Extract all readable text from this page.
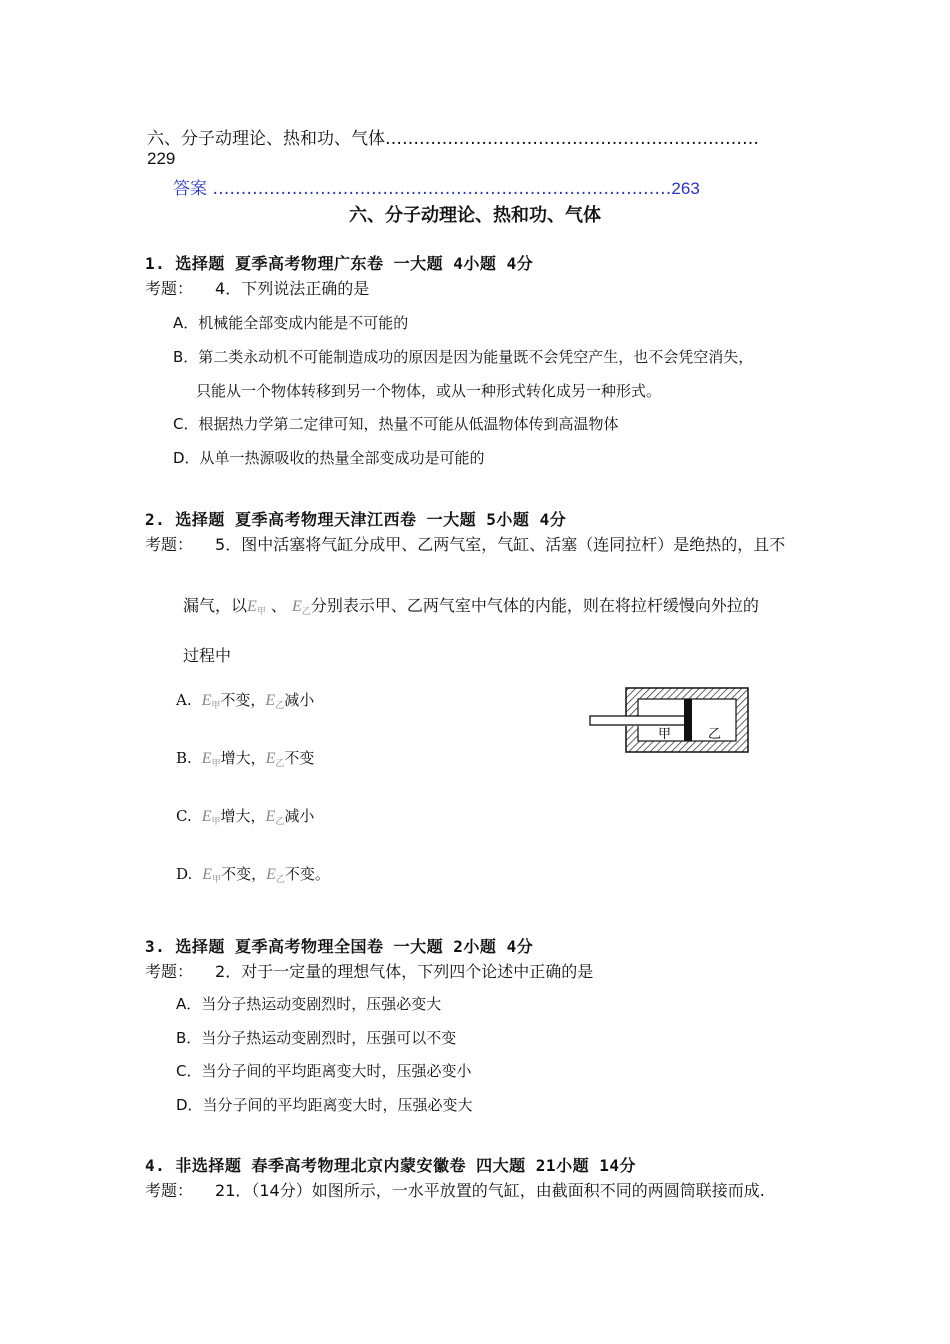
六、分子动理论、热和功、气体…………………………………………………………
229
答案 ………………………………………………………………………263
六、分子动理论、热和功、气体
1. 选择题 夏季高考物理广东卷 一大题 4小题 4分
考题： 4．下列说法正确的是
A．机械能全部变成内能是不可能的
B．第二类永动机不可能制造成功的原因是因为能量既不会凭空产生，也不会凭空消失，
只能从一个物体转移到另一个物体，或从一种形式转化成另一种形式。
C．根据热力学第二定律可知，热量不可能从低温物体传到高温物体
D．从单一热源吸收的热量全部变成功是可能的
2. 选择题 夏季高考物理天津江西卷 一大题 5小题 4分
考题： 5．图中活塞将气缸分成甲、乙两气室，气缸、活塞（连同拉杆）是绝热的，且不
漏气，以$E_甲$ 、 $E_乙$分别表示甲、乙两气室中气体的内能，则在将拉杆缓慢向外拉的
过程中
A. $E_甲$不变，$E_乙$减小
B. $E_甲$增大，$E_乙$不变
C. $E_甲$增大，$E_乙$减小
D. $E_甲$不变，$E_乙$不变。
甲	乙
3. 选择题 夏季高考物理全国卷 一大题 2小题 4分
考题： 2．对于一定量的理想气体，下列四个论述中正确的是
A．当分子热运动变剧烈时，压强必变大
B．当分子热运动变剧烈时，压强可以不变
C．当分子间的平均距离变大时，压强必变小
D．当分子间的平均距离变大时，压强必变大
4. 非选择题 春季高考物理北京内蒙安徽卷 四大题 21小题 14分
考题： 21．（14分）如图所示，一水平放置的气缸，由截面积不同的两圆筒联接而成.
